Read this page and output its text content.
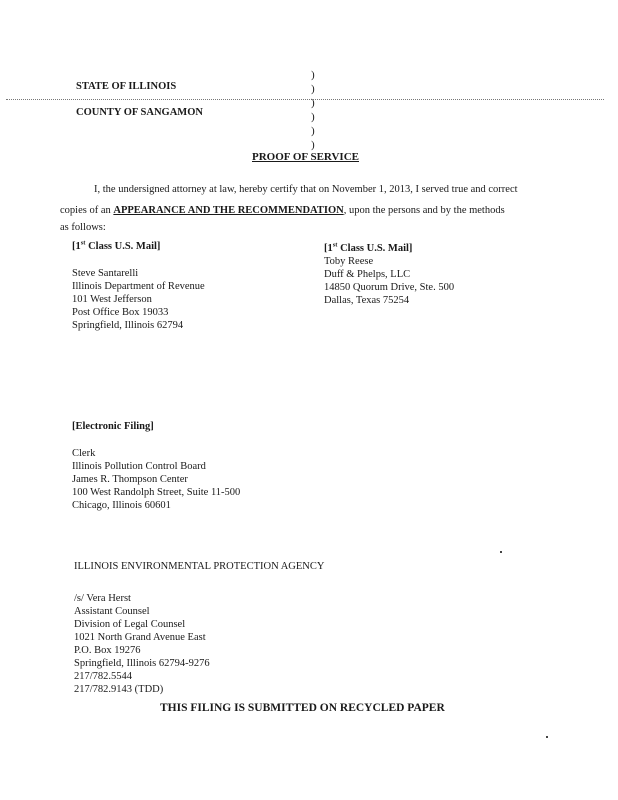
STATE OF ILLINOIS
COUNTY OF SANGAMON
)
)
)
)
)
)
PROOF OF SERVICE
I, the undersigned attorney at law, hereby certify that on November 1, 2013, I served true and correct
copies of an APPEARANCE AND THE RECOMMENDATION, upon the persons and by the methods
as follows:
[1st Class U.S. Mail]
Steve Santarelli
Illinois Department of Revenue
101 West Jefferson
Post Office Box 19033
Springfield, Illinois 62794
[1st Class U.S. Mail]
Toby Reese
Duff & Phelps, LLC
14850 Quorum Drive, Ste. 500
Dallas, Texas 75254
[Electronic Filing]
Clerk
Illinois Pollution Control Board
James R. Thompson Center
100 West Randolph Street, Suite 11-500
Chicago, Illinois 60601
ILLINOIS ENVIRONMENTAL PROTECTION AGENCY
/s/ Vera Herst
Assistant Counsel
Division of Legal Counsel
1021 North Grand Avenue East
P.O. Box 19276
Springfield, Illinois 62794-9276
217/782.5544
217/782.9143 (TDD)
THIS FILING IS SUBMITTED ON RECYCLED PAPER
